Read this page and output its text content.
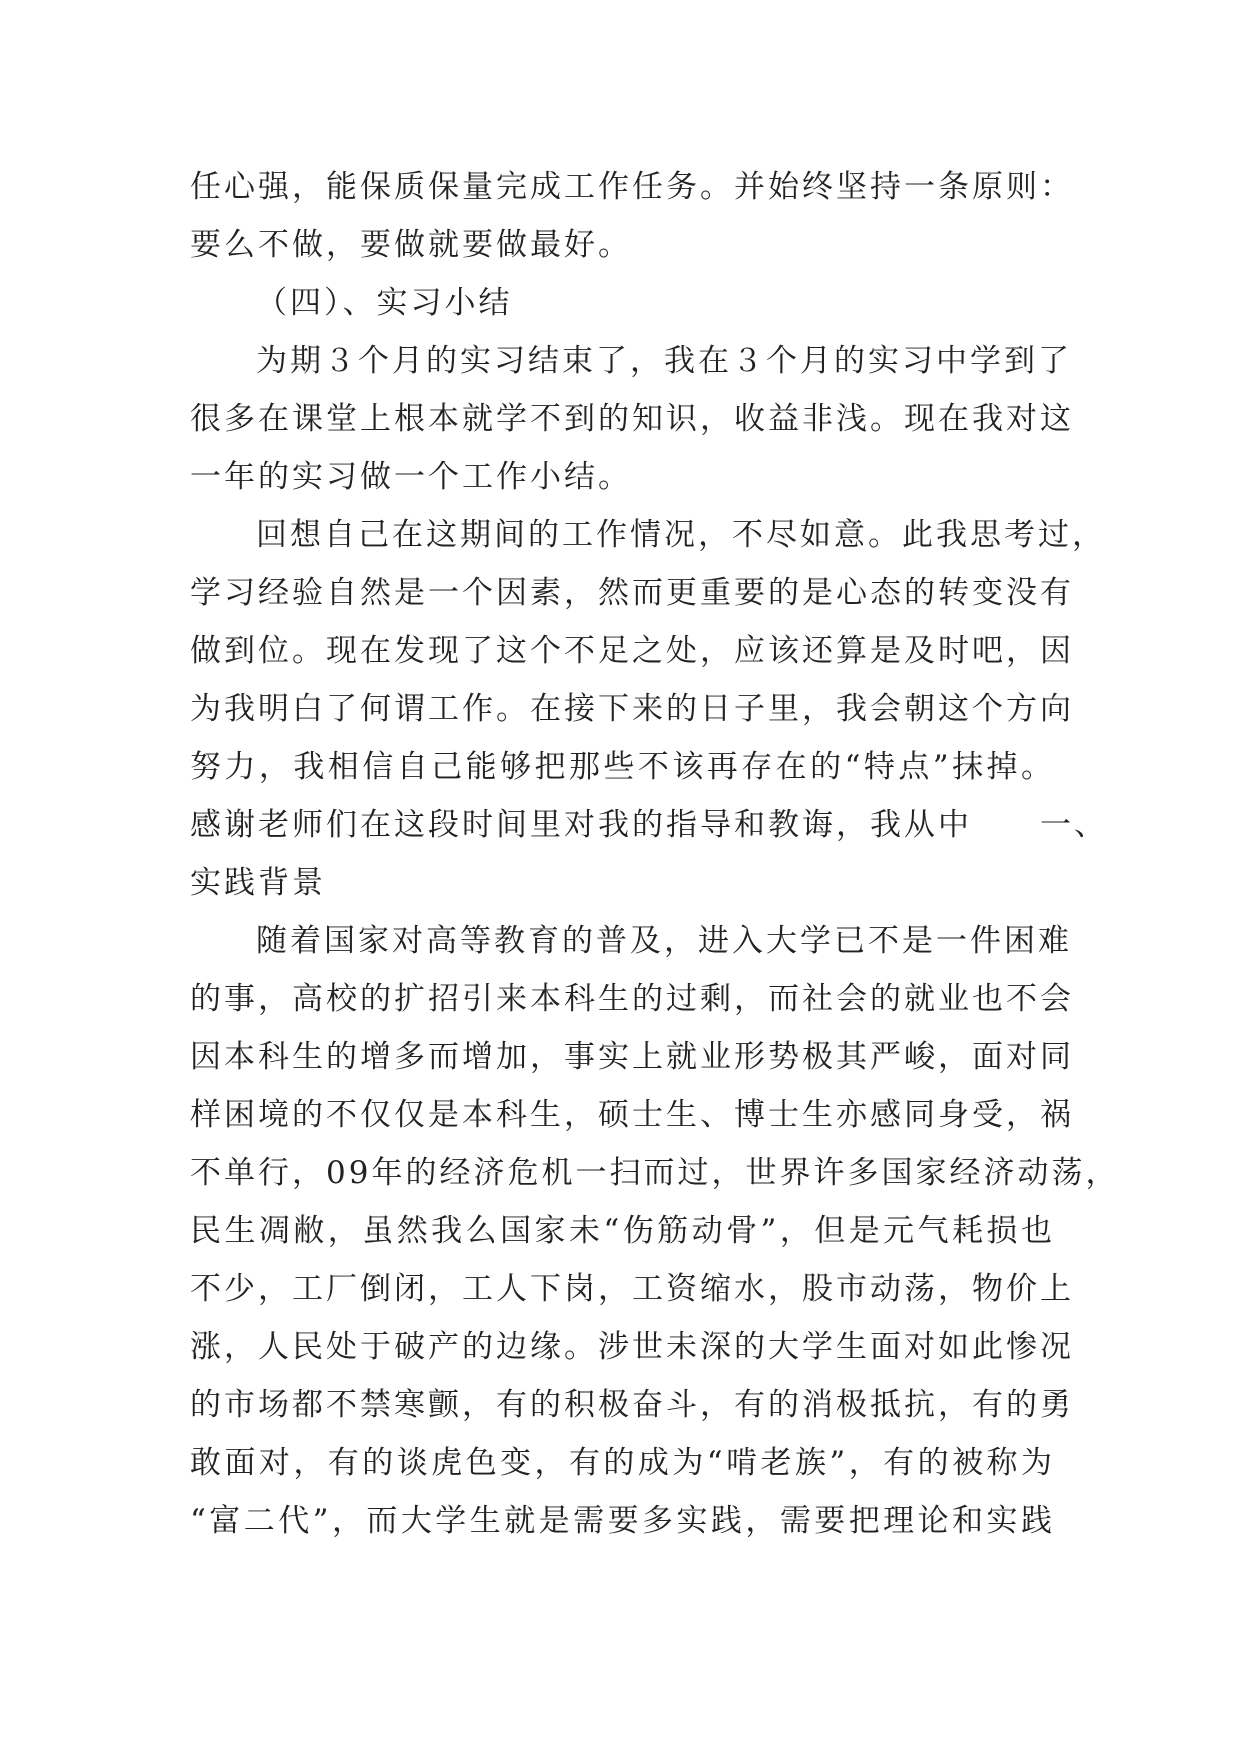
任心强，能保质保量完成工作任务。并始终坚持一条原则：
要么不做，要做就要做最好。
（四）、实习小结
为期３个月的实习结束了，我在３个月的实习中学到了
很多在课堂上根本就学不到的知识，收益非浅。现在我对这
一年的实习做一个工作小结。
回想自己在这期间的工作情况，不尽如意。此我思考过，
学习经验自然是一个因素，然而更重要的是心态的转变没有
做到位。现在发现了这个不足之处，应该还算是及时吧，因
为我明白了何谓工作。在接下来的日子里，我会朝这个方向
努力，我相信自己能够把那些不该再存在的“特点”抹掉。
感谢老师们在这段时间里对我的指导和教诲，我从中　　一、
实践背景
随着国家对高等教育的普及，进入大学已不是一件困难
的事，高校的扩招引来本科生的过剩，而社会的就业也不会
因本科生的增多而增加，事实上就业形势极其严峻，面对同
样困境的不仅仅是本科生，硕士生、博士生亦感同身受，祸
不单行，09年的经济危机一扫而过，世界许多国家经济动荡，
民生凋敝，虽然我么国家未“伤筋动骨”，但是元气耗损也
不少，工厂倒闭，工人下岗，工资缩水，股市动荡，物价上
涨，人民处于破产的边缘。涉世未深的大学生面对如此惨况
的市场都不禁寒颤，有的积极奋斗，有的消极抵抗，有的勇
敢面对，有的谈虎色变，有的成为“啃老族”，有的被称为
“富二代”，而大学生就是需要多实践，需要把理论和实践
